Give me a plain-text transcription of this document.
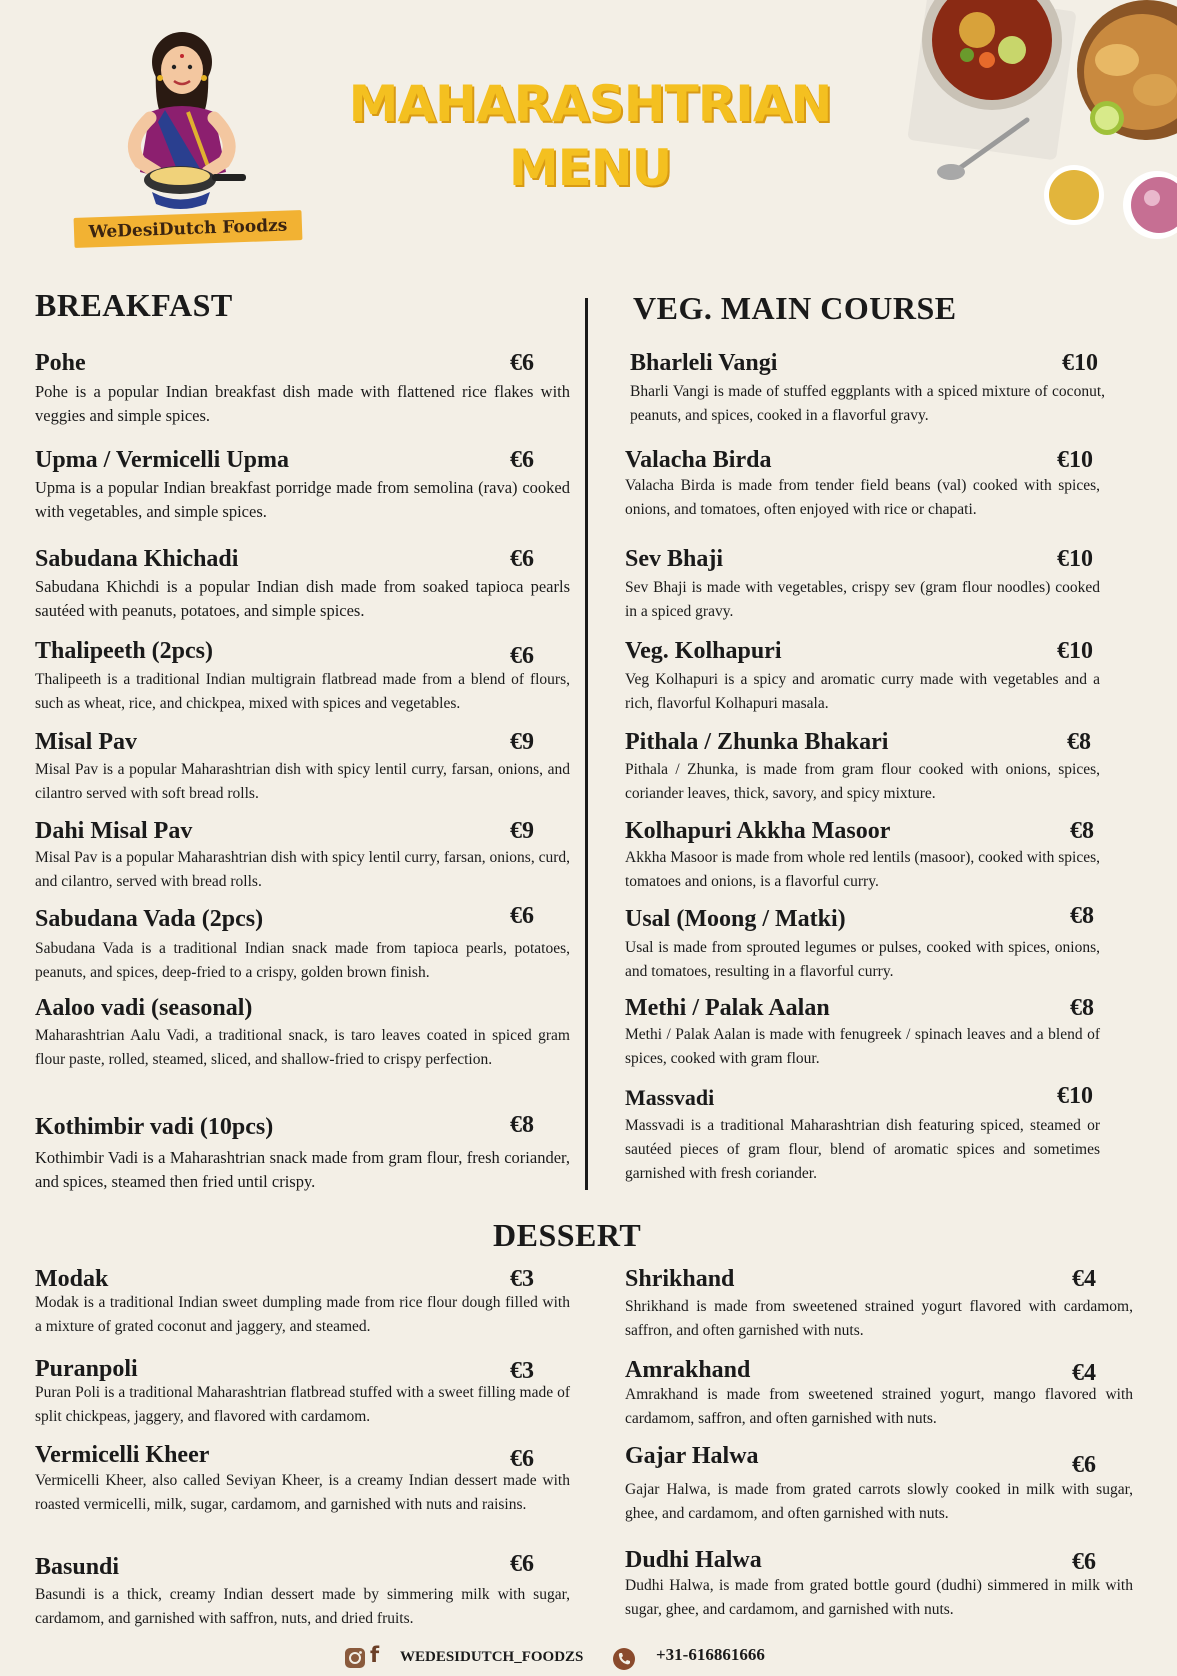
WeDesiDutch Foodzs
MAHARASHTRIAN
MENU
BREAKFAST	VEG. MAIN COURSE
DESSERT
Pohe	€6
Pohe is a popular Indian breakfast dish made with flattened rice flakes with veggies and simple spices.
Upma / Vermicelli Upma	€6
Upma is a popular Indian breakfast porridge made from semolina (rava) cooked with vegetables, and simple spices.
Sabudana Khichadi	€6
Sabudana Khichdi is a popular Indian dish made from soaked tapioca pearls sautéed with peanuts, potatoes, and simple spices.
Thalipeeth (2pcs)	€6
Thalipeeth is a traditional Indian multigrain flatbread made from a blend of flours, such as wheat, rice, and chickpea, mixed with spices and vegetables.
Misal Pav	€9
Misal Pav is a popular Maharashtrian dish with spicy lentil curry, farsan, onions, and cilantro served with soft bread rolls.
Dahi Misal Pav	€9
Misal Pav is a popular Maharashtrian dish with spicy lentil curry, farsan, onions, curd, and cilantro, served with bread rolls.
Sabudana Vada (2pcs)	€6
Sabudana Vada is a traditional Indian snack made from tapioca pearls, potatoes, peanuts, and spices, deep-fried to a crispy, golden brown finish.
Aaloo vadi (seasonal)
Maharashtrian Aalu Vadi, a traditional snack, is taro leaves coated in spiced gram flour paste, rolled, steamed, sliced, and shallow-fried to crispy perfection.
Kothimbir vadi (10pcs)	€8
Kothimbir Vadi is a Maharashtrian snack made from gram flour, fresh coriander, and spices, steamed then fried until crispy.
Bharleli Vangi	€10
Bharli Vangi is made of stuffed eggplants with a spiced mixture of coconut, peanuts, and spices, cooked in a flavorful gravy.
Valacha Birda	€10
Valacha Birda is made from tender field beans (val) cooked with spices, onions, and tomatoes, often enjoyed with rice or chapati.
Sev Bhaji	€10
Sev Bhaji is made with vegetables, crispy sev (gram flour noodles) cooked in a spiced gravy.
Veg. Kolhapuri	€10
Veg Kolhapuri is a spicy and aromatic curry made with vegetables and a rich, flavorful Kolhapuri masala.
Pithala / Zhunka Bhakari	€8
Pithala / Zhunka, is made from gram flour cooked with onions, spices, coriander leaves, thick, savory, and spicy mixture.
Kolhapuri Akkha Masoor	€8
Akkha Masoor is made from whole red lentils (masoor), cooked with spices, tomatoes and onions, is a flavorful curry.
Usal (Moong / Matki)	€8
Usal is made from sprouted legumes or pulses, cooked with spices, onions, and tomatoes, resulting in a flavorful curry.
Methi / Palak Aalan	€8
Methi / Palak Aalan is made with fenugreek / spinach leaves and a blend of spices, cooked with gram flour.
Massvadi	€10
Massvadi is a traditional Maharashtrian dish featuring spiced, steamed or sautéed pieces of gram flour, blend of aromatic spices and sometimes garnished with fresh coriander.
Modak	€3
Modak is a traditional Indian sweet dumpling made from rice flour dough filled with a mixture of grated coconut and jaggery, and steamed.
Puranpoli	€3
Puran Poli is a traditional Maharashtrian flatbread stuffed with a sweet filling made of split chickpeas, jaggery, and flavored with cardamom.
Vermicelli Kheer	€6
Vermicelli Kheer, also called Seviyan Kheer, is a creamy Indian dessert made with roasted vermicelli, milk, sugar, cardamom, and garnished with nuts and raisins.
Basundi	€6
Basundi is a thick, creamy Indian dessert made by simmering milk with sugar, cardamom, and garnished with saffron, nuts, and dried fruits.
Shrikhand	€4
Shrikhand is made from sweetened strained yogurt flavored with cardamom, saffron, and often garnished with nuts.
Amrakhand	€4
Amrakhand is made from sweetened strained yogurt, mango flavored with cardamom, saffron, and often garnished with nuts.
Gajar Halwa	€6
Gajar Halwa, is made from grated carrots slowly cooked in milk with sugar, ghee, and cardamom, and often garnished with nuts.
Dudhi Halwa	€6
Dudhi Halwa, is made from grated bottle gourd (dudhi) simmered in milk with sugar, ghee, and cardamom, and garnished with nuts.
f WEDESIDUTCH_FOODZS	+31-616861666
